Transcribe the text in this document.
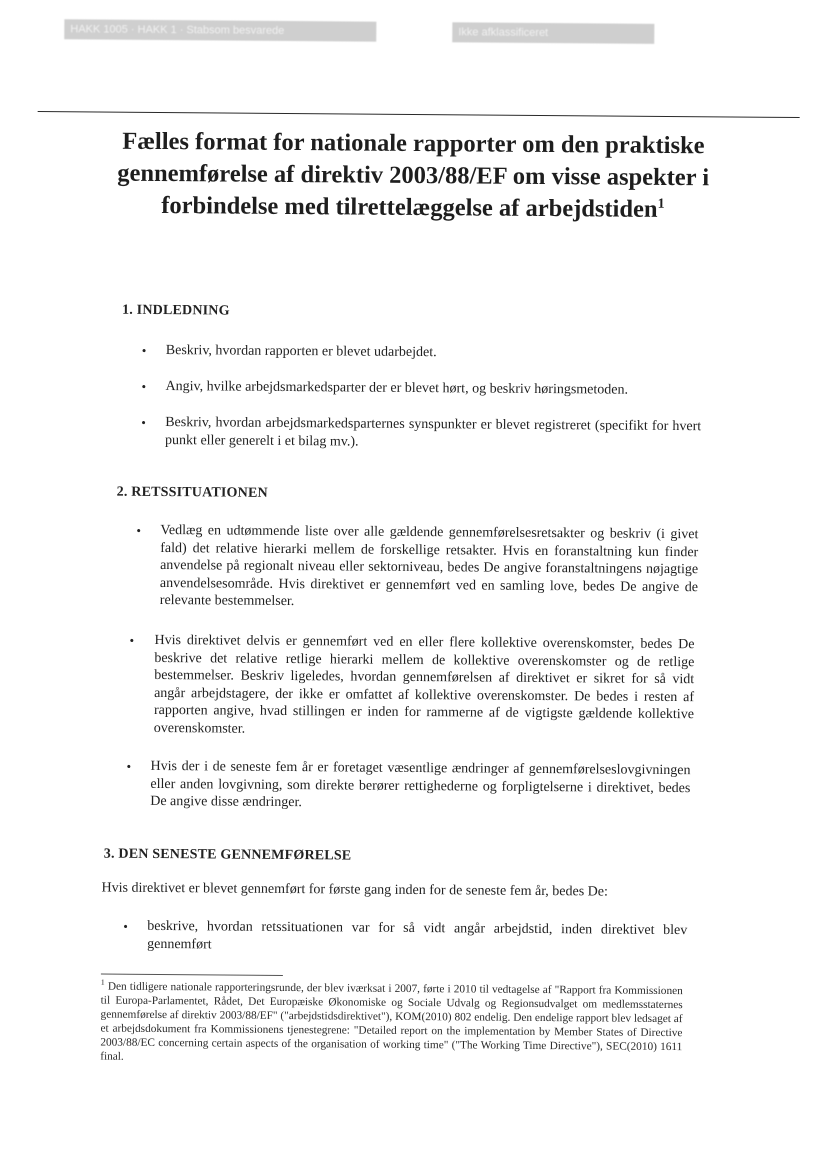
HAKK 1005 · HAKK 1 · Stabsom besvarede	Ikke afklassificeret
Fælles format for nationale rapporter om den praktiske gennemførelse af direktiv 2003/88/EF om visse aspekter i forbindelse med tilrettelæggelse af arbejdstiden$^1$
1. INDLEDNING
• Beskriv, hvordan rapporten er blevet udarbejdet.
• Angiv, hvilke arbejdsmarkedsparter der er blevet hørt, og beskriv høringsmetoden.
• Beskriv, hvordan arbejdsmarkedsparternes synspunkter er blevet registreret (specifikt for hvert punkt eller generelt i et bilag mv.).
2. RETSSITUATIONEN
• Vedlæg en udtømmende liste over alle gældende gennemførelsesretsakter og beskriv (i givet fald) det relative hierarki mellem de forskellige retsakter. Hvis en foranstaltning kun finder anvendelse på regionalt niveau eller sektorniveau, bedes De angive foranstaltningens nøjagtige anvendelsesområde. Hvis direktivet er gennemført ved en samling love, bedes De angive de relevante bestemmelser.
• Hvis direktivet delvis er gennemført ved en eller flere kollektive overenskomster, bedes De beskrive det relative retlige hierarki mellem de kollektive overenskomster og de retlige bestemmelser. Beskriv ligeledes, hvordan gennemførelsen af direktivet er sikret for så vidt angår arbejdstagere, der ikke er omfattet af kollektive overenskomster. De bedes i resten af rapporten angive, hvad stillingen er inden for rammerne af de vigtigste gældende kollektive overenskomster.
• Hvis der i de seneste fem år er foretaget væsentlige ændringer af gennemførelseslovgivningen eller anden lovgivning, som direkte berører rettighederne og forpligtelserne i direktivet, bedes De angive disse ændringer.
3. DEN SENESTE GENNEMFØRELSE
Hvis direktivet er blevet gennemført for første gang inden for de seneste fem år, bedes De:
• beskrive, hvordan retssituationen var for så vidt angår arbejdstid, inden direktivet blev gennemført
$^1$ Den tidligere nationale rapporteringsrunde, der blev iværksat i 2007, førte i 2010 til vedtagelse af "Rapport fra Kommissionen til Europa-Parlamentet, Rådet, Det Europæiske Økonomiske og Sociale Udvalg og Regionsudvalget om medlemsstaternes gennemførelse af direktiv 2003/88/EF" ("arbejdstidsdirektivet"), KOM(2010) 802 endelig. Den endelige rapport blev ledsaget af et arbejdsdokument fra Kommissionens tjenestegrene: "Detailed report on the implementation by Member States of Directive 2003/88/EC concerning certain aspects of the organisation of working time" ("The Working Time Directive"), SEC(2010) 1611 final.
